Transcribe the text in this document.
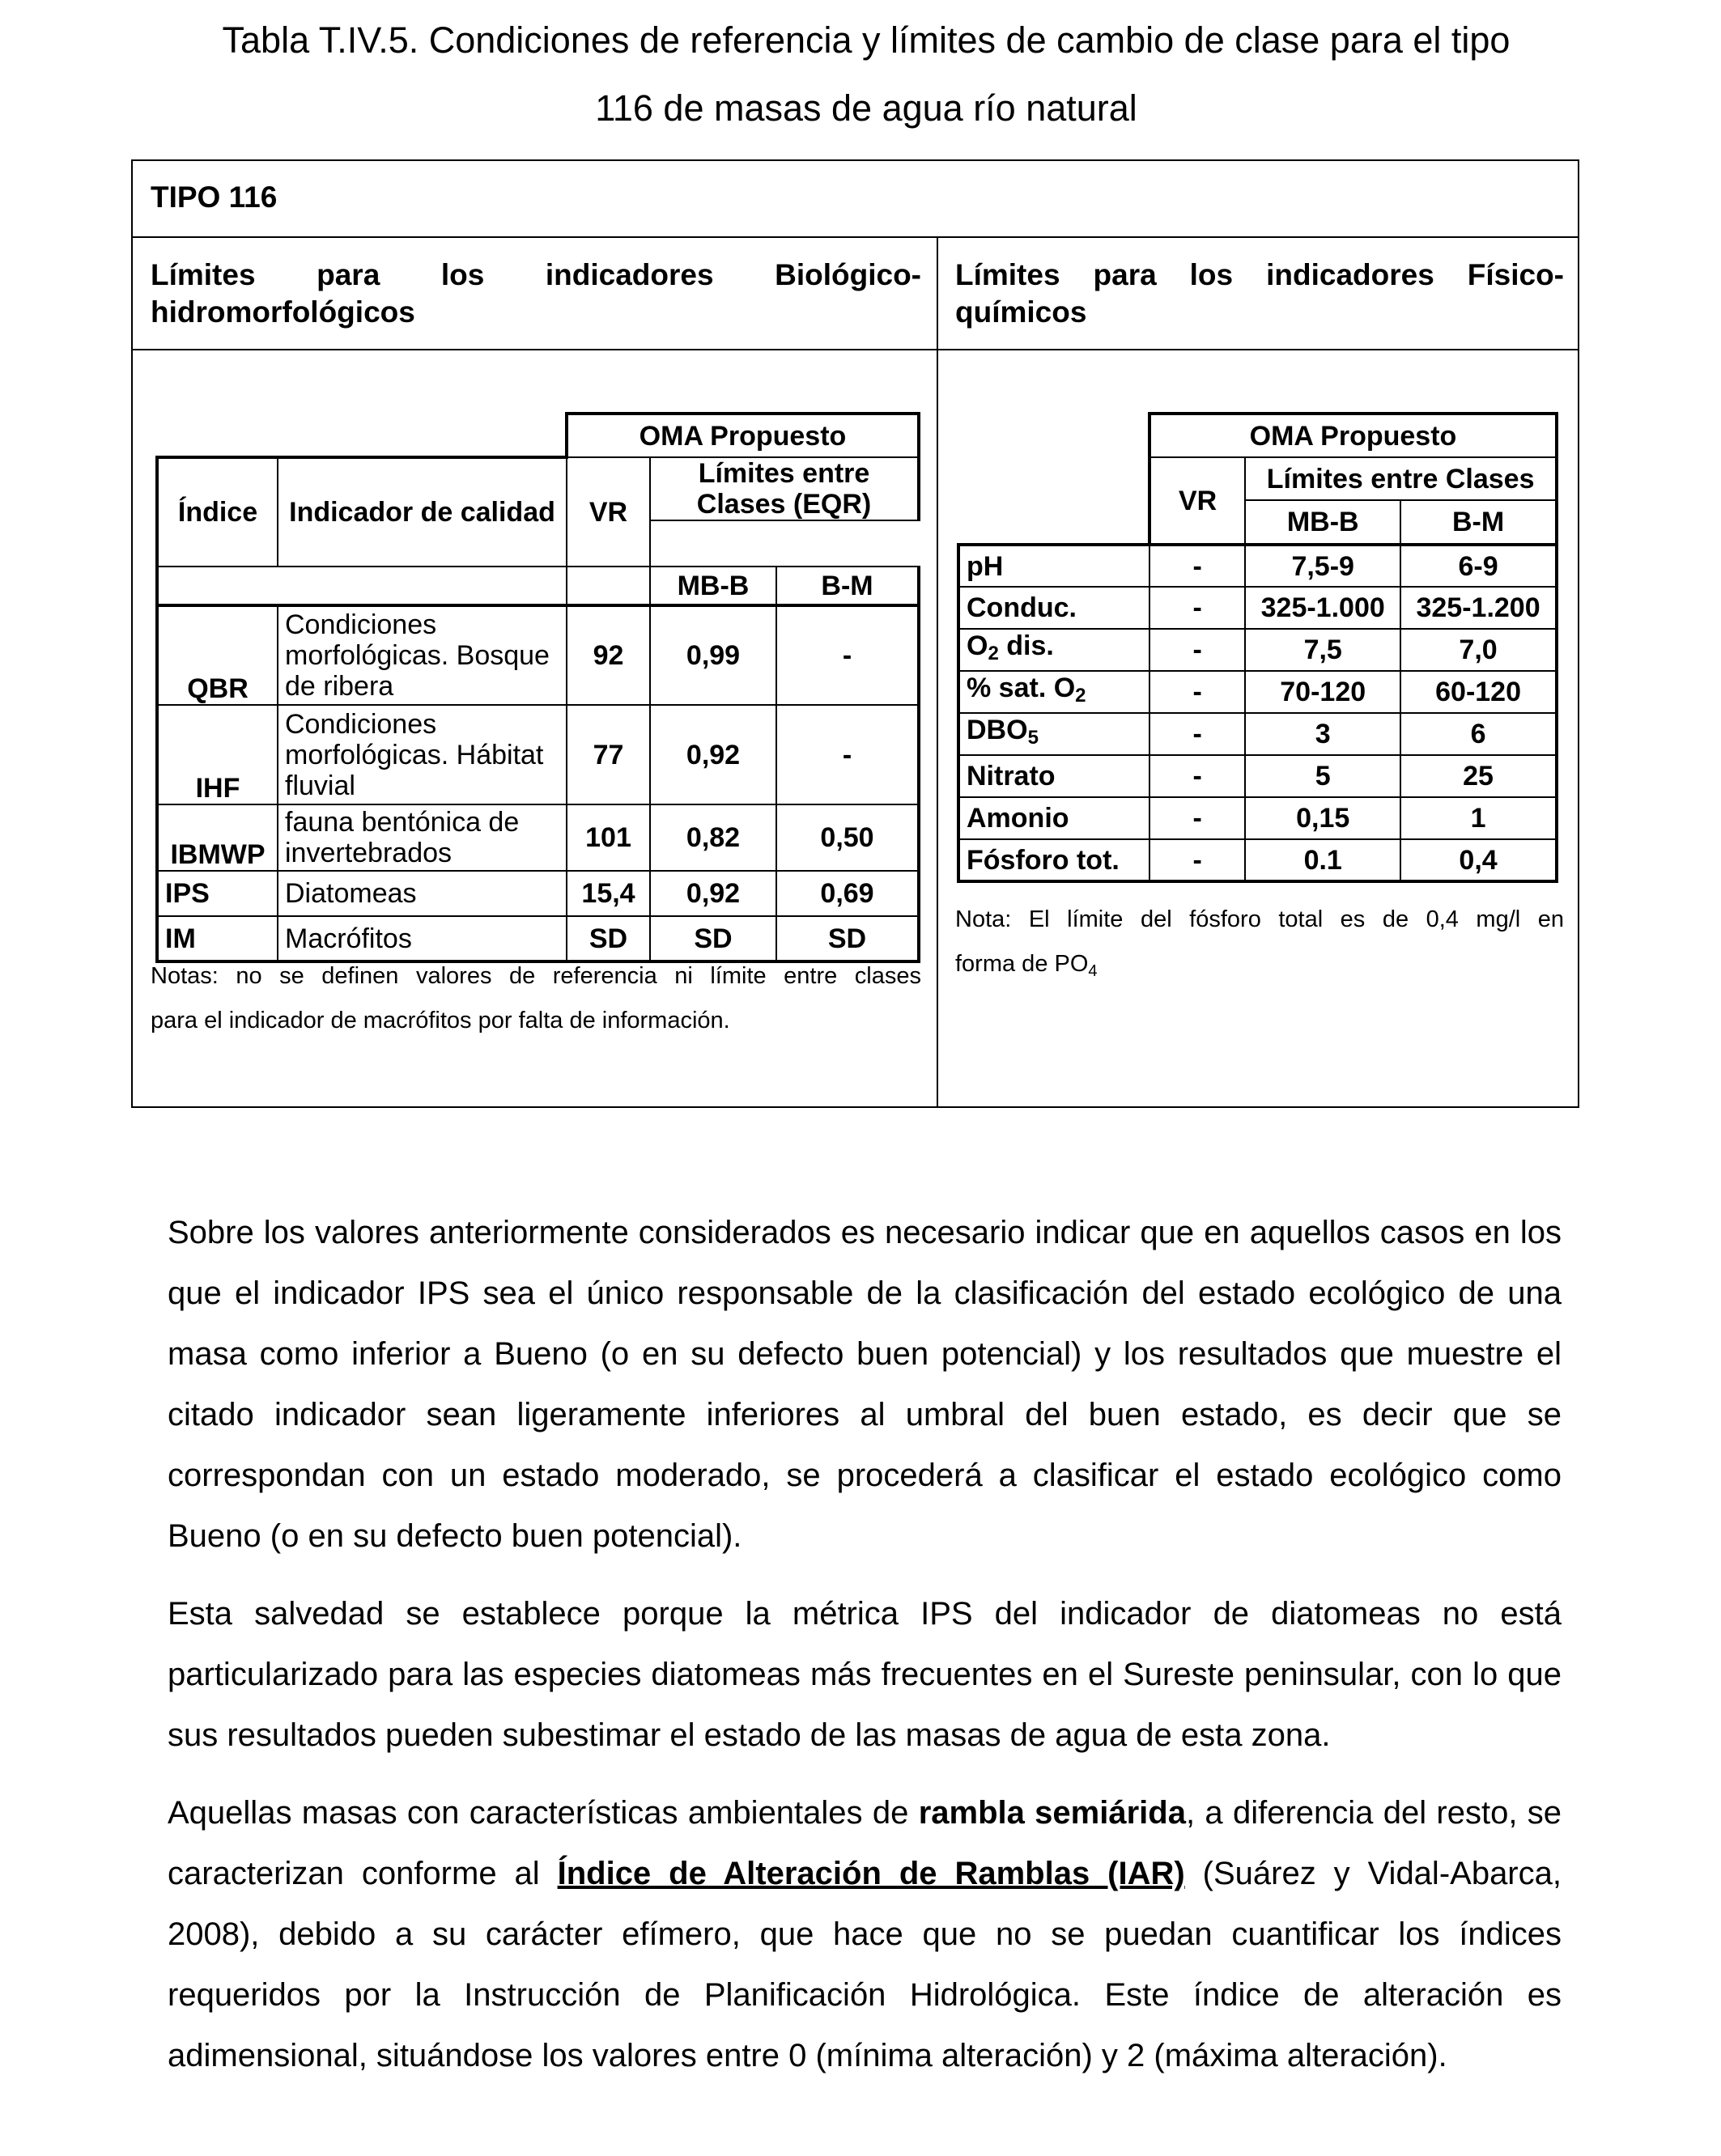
Tabla T.IV.5. Condiciones de referencia y límites de cambio de clase para el tipo
116 de masas de agua río natural
TIPO 116
Límites para los indicadores Biológico-
hidromorfológicos
Límites para los indicadores Físico-
químicos
		OMA Propuesto		
Índice	Indicador de calidad	VR	Límites entre Clases (EQR)	

			MB-B	B-M
QBR	Condiciones morfológicas. Bosque de ribera	92	0,99	-
IHF	Condiciones morfológicas. Hábitat fluvial	77	0,92	-
IBMWP	fauna bentónica de invertebrados	101	0,82	0,50
IPS	Diatomeas	15,4	0,92	0,69
IM	Macrófitos	SD	SD	SD
Notas: no se definen valores de referencia ni límite entre clases
para el indicador de macrófitos por falta de información.
	OMA Propuesto		
	VR	Límites entre Clases	
		MB-B	B-M
pH	-	7,5-9	6-9
Conduc.	-	325-1.000	325-1.200
$O_2$ dis.	-	7,5	7,0
% sat. $O_2$	-	70-120	60-120
$DBO_5$	-	3	6
Nitrato	-	5	25
Amonio	-	0,15	1
Fósforo tot.	-	0.1	0,4
Nota: El límite del fósforo total es de 0,4 mg/l en
forma de $PO_4$

Sobre los valores anteriormente considerados es necesario indicar que en aquellos casos en los que el indicador IPS sea el único responsable de la clasificación del estado ecológico de una masa como inferior a Bueno (o en su defecto buen potencial) y los resultados que muestre el citado indicador sean ligeramente inferiores al umbral del buen estado, es decir que se correspondan con un estado moderado, se procederá a clasificar el estado ecológico como Bueno (o en su defecto buen potencial).

Esta salvedad se establece porque la métrica IPS del indicador de diatomeas no está particularizado para las especies diatomeas más frecuentes en el Sureste peninsular, con lo que sus resultados pueden subestimar el estado de las masas de agua de esta zona.

Aquellas masas con características ambientales de rambla semiárida, a diferencia del resto, se caracterizan conforme al Índice de Alteración de Ramblas (IAR) (Suárez y Vidal-Abarca, 2008), debido a su carácter efímero, que hace que no se puedan cuantificar los índices requeridos por la Instrucción de Planificación Hidrológica. Este índice de alteración es adimensional, situándose los valores entre 0 (mínima alteración) y 2 (máxima alteración).
